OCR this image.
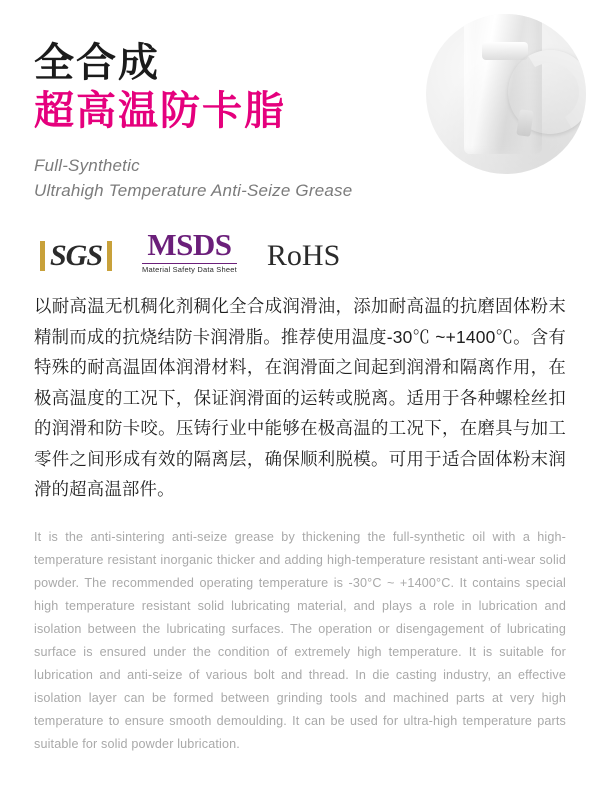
全合成
超高温防卡脂
Full-Synthetic
Ultrahigh Temperature Anti-Seize Grease
SGS MSDS
Material Safety Data Sheet RoHS

以耐高温无机稠化剂稠化全合成润滑油，添加耐高温的抗磨固体粉末精制而成的抗烧结防卡润滑脂。推荐使用温度-30℃ ~+1400℃。含有特殊的耐高温固体润滑材料，在润滑面之间起到润滑和隔离作用，在极高温度的工况下，保证润滑面的运转或脱离。适用于各种螺栓丝扣的润滑和防卡咬。压铸行业中能够在极高温的工况下，在磨具与加工零件之间形成有效的隔离层，确保顺利脱模。可用于适合固体粉末润滑的超高温部件。

It is the anti-sintering anti-seize grease by thickening the full-synthetic oil with a high-temperature resistant inorganic thicker and adding high-temperature resistant anti-wear solid powder. The recommended operating temperature is -30°C ~ +1400°C. It contains special high temperature resistant solid lubricating material, and plays a role in lubrication and isolation between the lubricating surfaces. The operation or disengagement of lubricating surface is ensured under the condition of extremely high temperature. It is suitable for lubrication and anti-seize of various bolt and thread. In die casting industry, an effective isolation layer can be formed between grinding tools and machined parts at very high temperature to ensure smooth demoulding. It can be used for ultra-high temperature parts suitable for solid powder lubrication.
